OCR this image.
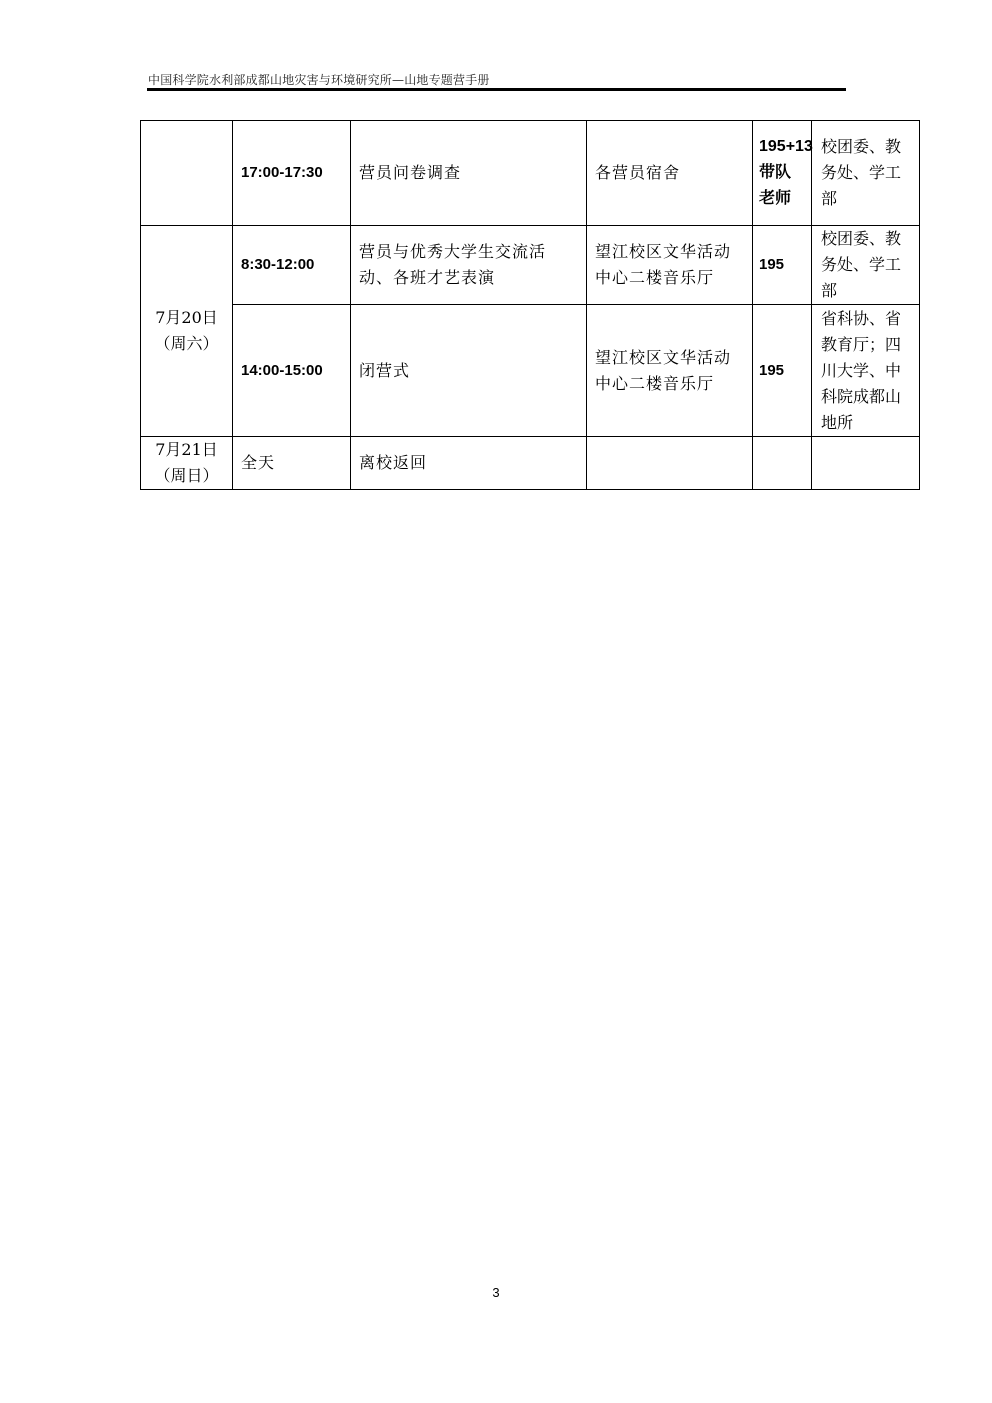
中国科学院水利部成都山地灾害与环境研究所—山地专题营手册
	17:00-17:30	营员问卷调查	各营员宿舍	195+13带队老师	校团委、教务处、学工部

7月20日
（周六）	8:30-12:00	营员与优秀大学生交流活动、各班才艺表演	望江校区文华活动中心二楼音乐厅	195	校团委、教务处、学工部
	14:00-15:00	闭营式	望江校区文华活动中心二楼音乐厅	195	省科协、省教育厅；四川大学、中科院成都山地所

7月21日
（周日）	全天	离校返回			
3
